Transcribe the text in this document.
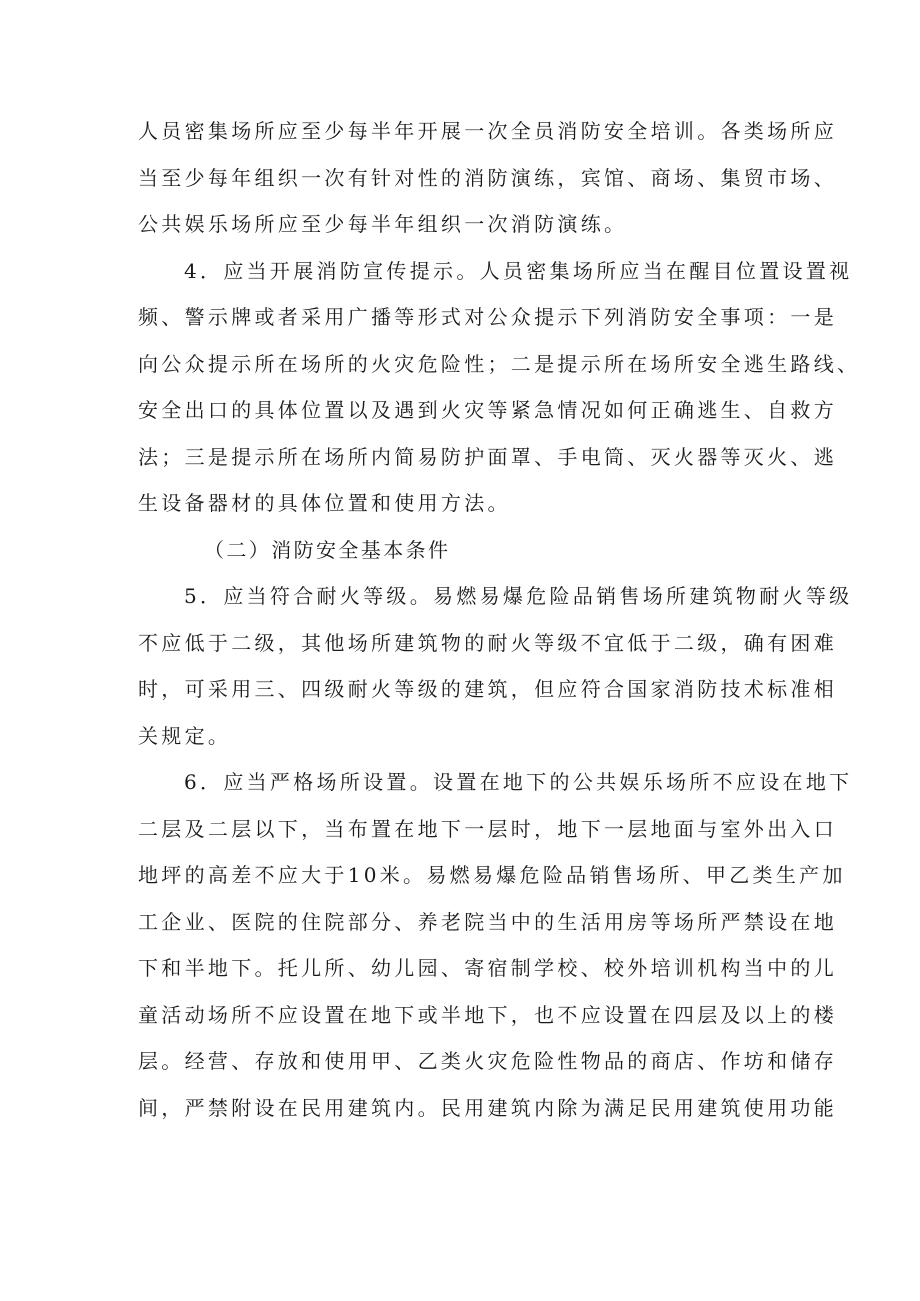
人员密集场所应至少每半年开展一次全员消防安全培训。各类场所应
当至少每年组织一次有针对性的消防演练，宾馆、商场、集贸市场、
公共娱乐场所应至少每半年组织一次消防演练。
4．应当开展消防宣传提示。人员密集场所应当在醒目位置设置视
频、警示牌或者采用广播等形式对公众提示下列消防安全事项：一是
向公众提示所在场所的火灾危险性；二是提示所在场所安全逃生路线、
安全出口的具体位置以及遇到火灾等紧急情况如何正确逃生、自救方
法；三是提示所在场所内简易防护面罩、手电筒、灭火器等灭火、逃
生设备器材的具体位置和使用方法。
（二）消防安全基本条件
5．应当符合耐火等级。易燃易爆危险品销售场所建筑物耐火等级
不应低于二级，其他场所建筑物的耐火等级不宜低于二级，确有困难
时，可采用三、四级耐火等级的建筑，但应符合国家消防技术标准相
关规定。
6．应当严格场所设置。设置在地下的公共娱乐场所不应设在地下
二层及二层以下，当布置在地下一层时，地下一层地面与室外出入口
地坪的高差不应大于10米。易燃易爆危险品销售场所、甲乙类生产加
工企业、医院的住院部分、养老院当中的生活用房等场所严禁设在地
下和半地下。托儿所、幼儿园、寄宿制学校、校外培训机构当中的儿
童活动场所不应设置在地下或半地下，也不应设置在四层及以上的楼
层。经营、存放和使用甲、乙类火灾危险性物品的商店、作坊和储存
间，严禁附设在民用建筑内。民用建筑内除为满足民用建筑使用功能
